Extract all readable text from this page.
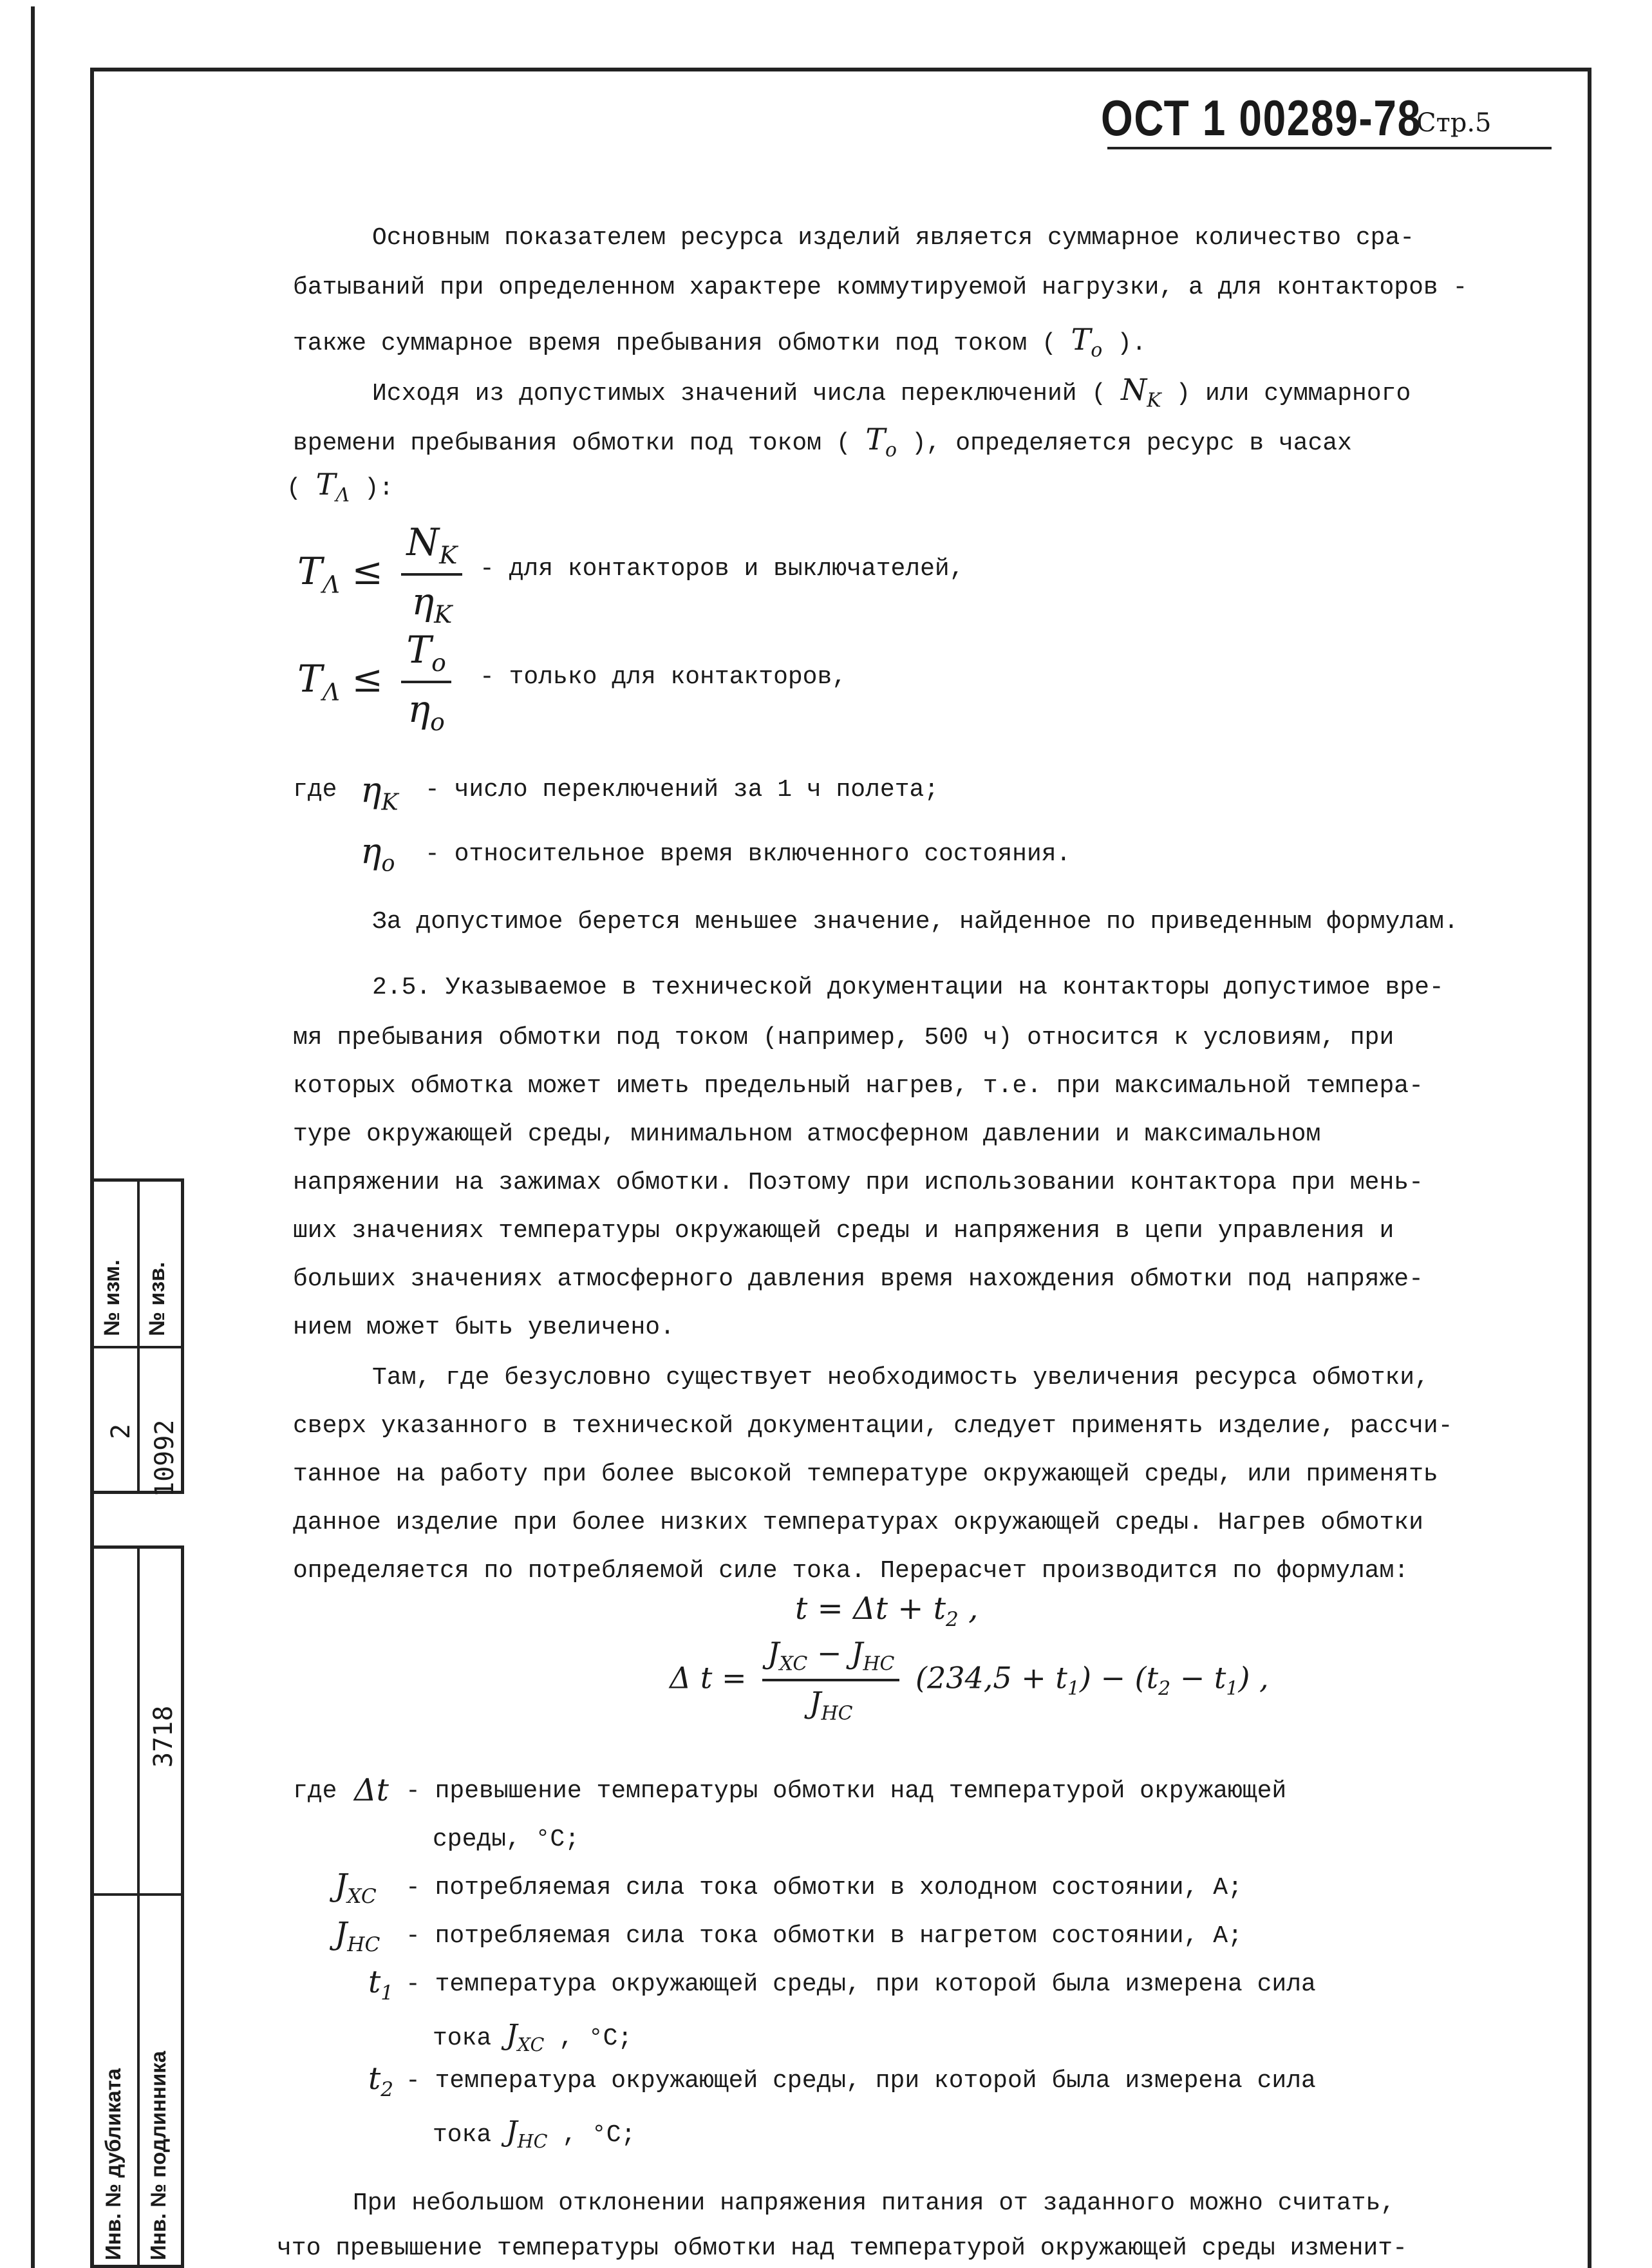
№ изм. № изв.
2 10992
3718
Инв. № дубликата Инв. № подлинника
ОСТ 1 00289-78
Стр.5
Основным показателем ресурса изделий является суммарное количество сра-
батываний при определенном характере коммутируемой нагрузки, а для контакторов -
также суммарное время пребывания обмотки под током ( $T_o$ ).
Исходя из допустимых значений числа переключений ( $N_K$ ) или суммарного
времени пребывания обмотки под током ( $T_o$ ), определяется ресурс в часах
( $T_\Lambda$ ):
$T_\Lambda \le \frac{N_K}{\eta_K}$ - для контакторов и выключателей,
$T_\Lambda \le \frac{T_o}{\eta_o}$ - только для контакторов,
где $\eta_K$ - число переключений за 1 ч полета;
$\eta_o$ - относительное время включенного состояния.
За допустимое берется меньшее значение, найденное по приведенным формулам.
2.5. Указываемое в технической документации на контакторы допустимое вре-
мя пребывания обмотки под током (например, 500 ч) относится к условиям, при
которых обмотка может иметь предельный нагрев, т.е. при максимальной темпера-
туре окружающей среды, минимальном атмосферном давлении и максимальном
напряжении на зажимах обмотки. Поэтому при использовании контактора при мень-
ших значениях температуры окружающей среды и напряжения в цепи управления и
больших значениях атмосферного давления время нахождения обмотки под напряже-
нием может быть увеличено.
Там, где безусловно существует необходимость увеличения ресурса обмотки,
сверх указанного в технической документации, следует применять изделие, рассчи-
танное на работу при более высокой температуре окружающей среды, или применять
данное изделие при более низких температурах окружающей среды. Нагрев обмотки
определяется по потребляемой силе тока. Перерасчет производится по формулам:
$t = \Delta t + t_2$ ,
Δ $t = \frac{J_{XC} - J_{HC}}{J_{HC}} (234,5 + t_1) - (t_2 - t_1)$ ,
где Δt - превышение температуры обмотки над температурой окружающей
среды, °С;
$J_{XC}$ - потребляемая сила тока обмотки в холодном состоянии, А;
$J_{HC}$ - потребляемая сила тока обмотки в нагретом состоянии, А;
$t_1$ - температура окружающей среды, при которой была измерена сила
тока $J_{XC}$ , °С;
$t_2$ - температура окружающей среды, при которой была измерена сила
тока $J_{HC}$ , °С;
При небольшом отклонении напряжения питания от заданного можно считать,
что превышение температуры обмотки над температурой окружающей среды изменит-
